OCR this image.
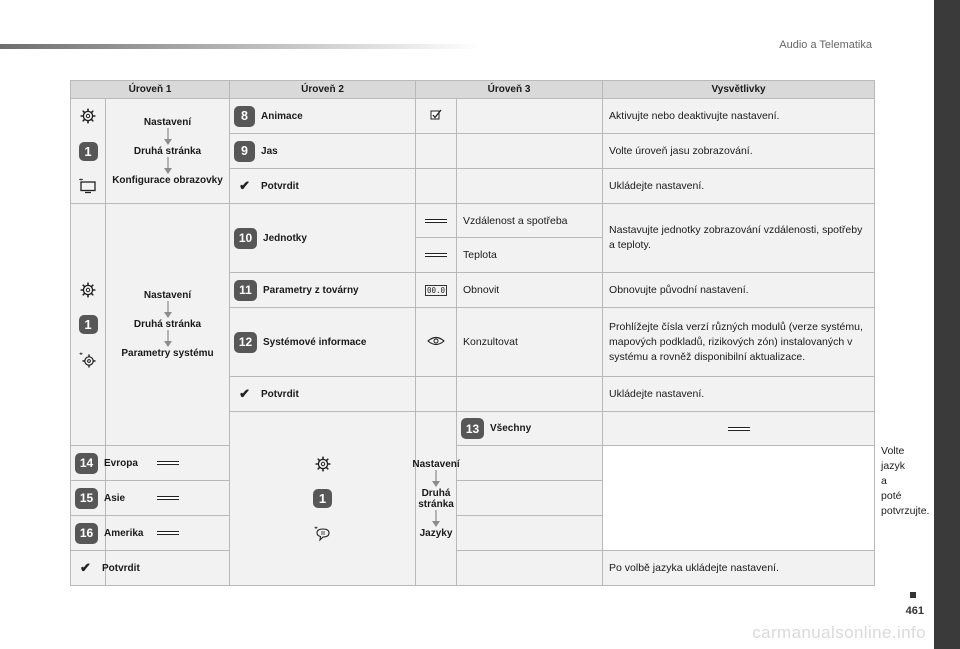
Audio a Telematika
Úroveň 1		Úroveň 2	Úroveň 3		Vysvětlivky	

1	Nastavení
Druhá stránka
Konfigurace obrazovky	8 Animace			Aktivujte nebo deaktivujte nastavení.	

9 Jas			Volte úroveň jasu zobrazování.	

		✔ Potvrdit			Ukládejte nastavení.	

1	Nastavení
Druhá stránka
Parametry systému	10 Jednotky		Vzdálenost a spotřeba	Nastavujte jednotky zobrazování vzdálenosti, spotřeby a teploty.	
				Teplota		

11 Parametry z továrny	00.0	Obnovit	Obnovujte původní nastavení.	

12 Systémové informace		Konzultovat	Prohlížejte čísla verzí různých modulů (verze systému, mapových podkladů, rizikových zón) instalovaných v systému a rovněž disponibilní aktualizace.	

		✔ Potvrdit			Ukládejte nastavení.	

1	Nastavení
Druhá stránka
Jazyky	13 Všechny			Volte jazyk a poté potvrzujte.

14 Evropa						

15 Asie						

16 Amerika						

✔ Potvrdit					Po volbě jazyka ukládejte nastavení.	
461
carmanualsonline.info
